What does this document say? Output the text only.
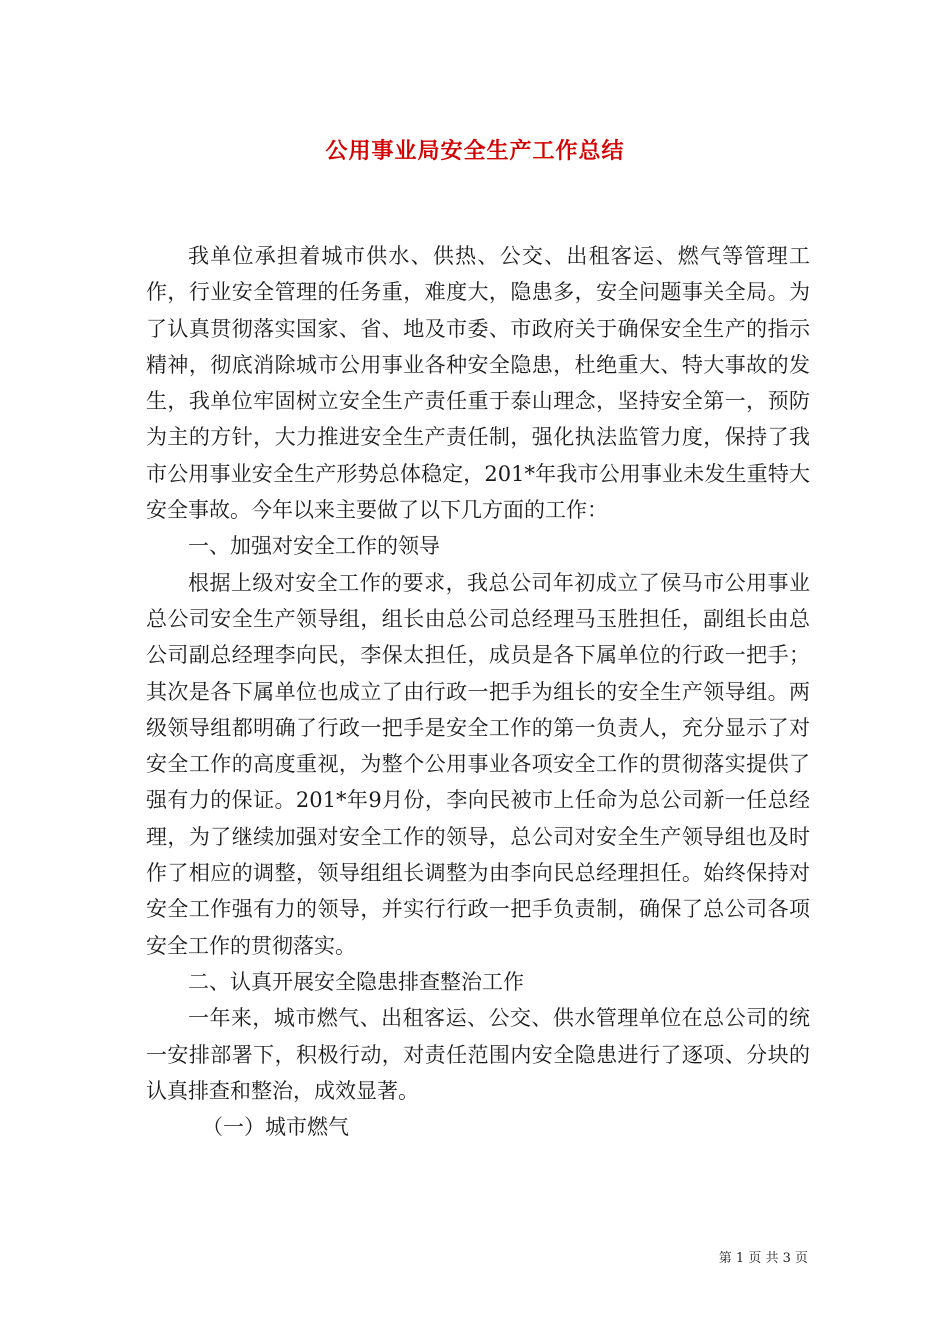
公用事业局安全生产工作总结

我单位承担着城市供水、供热、公交、出租客运、燃气等管理工作，行业安全管理的任务重，难度大，隐患多，安全问题事关全局。为了认真贯彻落实国家、省、地及市委、市政府关于确保安全生产的指示精神，彻底消除城市公用事业各种安全隐患，杜绝重大、特大事故的发生，我单位牢固树立安全生产责任重于泰山理念，坚持安全第一，预防为主的方针，大力推进安全生产责任制，强化执法监管力度，保持了我市公用事业安全生产形势总体稳定，201*年我市公用事业未发生重特大安全事故。今年以来主要做了以下几方面的工作：

一、加强对安全工作的领导

根据上级对安全工作的要求，我总公司年初成立了侯马市公用事业总公司安全生产领导组，组长由总公司总经理马玉胜担任，副组长由总公司副总经理李向民，李保太担任，成员是各下属单位的行政一把手；其次是各下属单位也成立了由行政一把手为组长的安全生产领导组。两级领导组都明确了行政一把手是安全工作的第一负责人，充分显示了对安全工作的高度重视，为整个公用事业各项安全工作的贯彻落实提供了强有力的保证。201*年9月份，李向民被市上任命为总公司新一任总经理，为了继续加强对安全工作的领导，总公司对安全生产领导组也及时作了相应的调整，领导组组长调整为由李向民总经理担任。始终保持对安全工作强有力的领导，并实行行政一把手负责制，确保了总公司各项安全工作的贯彻落实。

二、认真开展安全隐患排查整治工作

一年来，城市燃气、出租客运、公交、供水管理单位在总公司的统一安排部署下，积极行动，对责任范围内安全隐患进行了逐项、分块的认真排查和整治，成效显著。

（一）城市燃气

第 1 页 共 3 页
